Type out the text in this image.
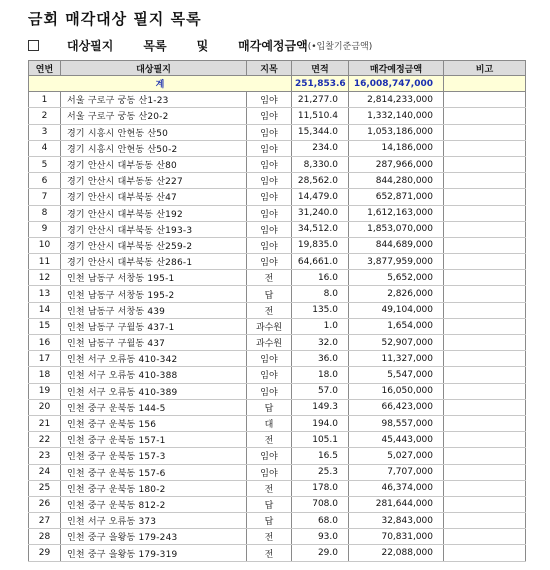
금회 매각대상 필지 목록
대상필지	목록	및	매각예정금액 (•입찰기준금액)
연번	대상필지	지목	면적	매각예정금액	비고
계			251,853.6	16,008,747,000	
1	서울 구로구 궁동 산1-23	임야	21,277.0	2,814,233,000	
2	서울 구로구 궁동 산20-2	임야	11,510.4	1,332,140,000	
3	경기 시흥시 안현동 산50	임야	15,344.0	1,053,186,000	
4	경기 시흥시 안현동 산50-2	임야	234.0	14,186,000	
5	경기 안산시 대부동동 산80	임야	8,330.0	287,966,000	
6	경기 안산시 대부동동 산227	임야	28,562.0	844,280,000	
7	경기 안산시 대부북동 산47	임야	14,479.0	652,871,000	
8	경기 안산시 대부북동 산192	임야	31,240.0	1,612,163,000	
9	경기 안산시 대부북동 산193-3	임야	34,512.0	1,853,070,000	
10	경기 안산시 대부북동 산259-2	임야	19,835.0	844,689,000	
11	경기 안산시 대부북동 산286-1	임야	64,661.0	3,877,959,000	
12	인천 남동구 서창동 195-1	전	16.0	5,652,000	
13	인천 남동구 서창동 195-2	답	8.0	2,826,000	
14	인천 남동구 서창동 439	전	135.0	49,104,000	
15	인천 남동구 구월동 437-1	과수원	1.0	1,654,000	
16	인천 남동구 구월동 437	과수원	32.0	52,907,000	
17	인천 서구 오류동 410-342	임야	36.0	11,327,000	
18	인천 서구 오류동 410-388	임야	18.0	5,547,000	
19	인천 서구 오류동 410-389	임야	57.0	16,050,000	
20	인천 중구 운북동 144-5	답	149.3	66,423,000	
21	인천 중구 운북동 156	대	194.0	98,557,000	
22	인천 중구 운북동 157-1	전	105.1	45,443,000	
23	인천 중구 운북동 157-3	임야	16.5	5,027,000	
24	인천 중구 운북동 157-6	임야	25.3	7,707,000	
25	인천 중구 운북동 180-2	전	178.0	46,374,000	
26	인천 중구 운북동 812-2	답	708.0	281,644,000	
27	인천 서구 오류동 373	답	68.0	32,843,000	
28	인천 중구 을왕동 179-243	전	93.0	70,831,000	
29	인천 중구 을왕동 179-319	전	29.0	22,088,000	
